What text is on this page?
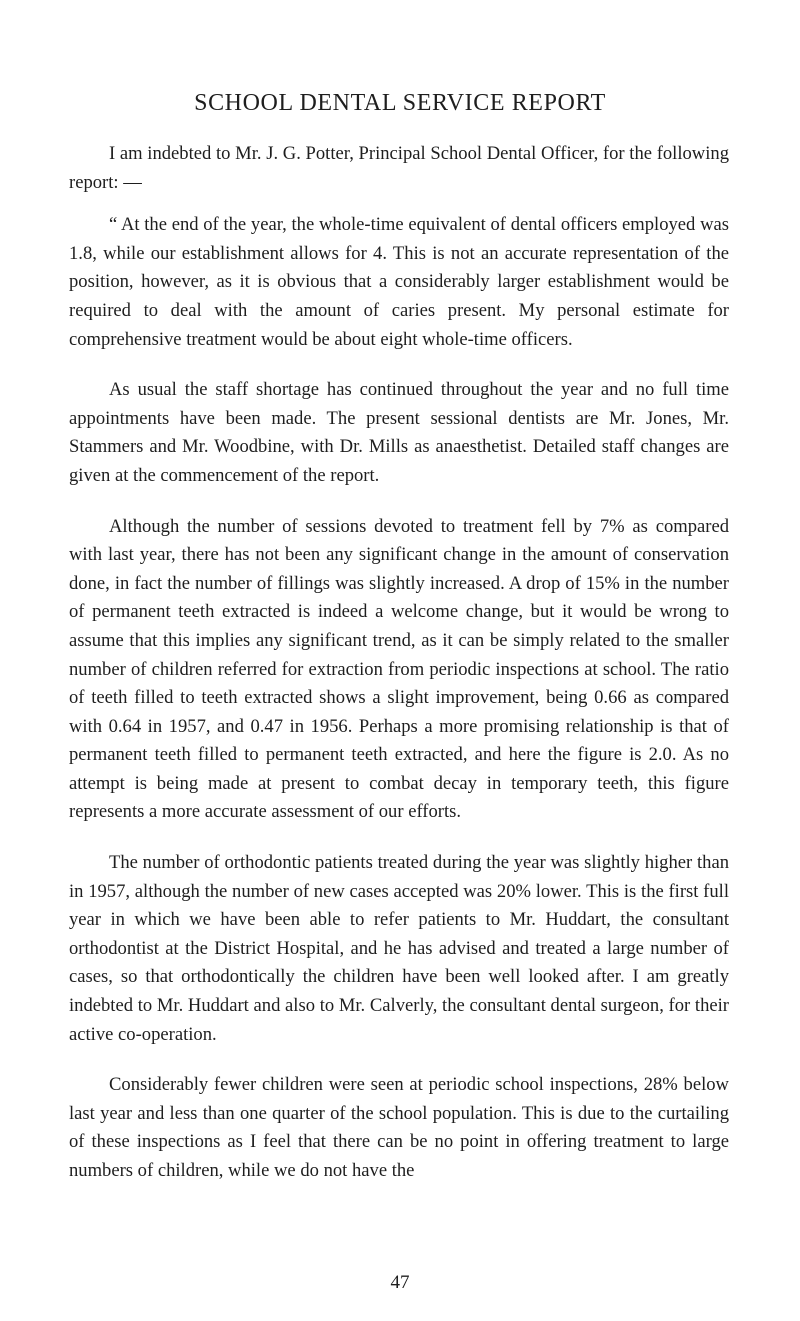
SCHOOL DENTAL SERVICE REPORT

I am indebted to Mr. J. G. Potter, Principal School Dental Officer, for the following report: —

“ At the end of the year, the whole-time equivalent of dental officers employed was 1.8, while our establishment allows for 4. This is not an accurate representation of the position, however, as it is obvious that a considerably larger establishment would be required to deal with the amount of caries present. My personal estimate for comprehensive treatment would be about eight whole-time officers.

As usual the staff shortage has continued throughout the year and no full time appointments have been made. The present sessional dentists are Mr. Jones, Mr. Stammers and Mr. Woodbine, with Dr. Mills as anaesthetist. Detailed staff changes are given at the commencement of the report.

Although the number of sessions devoted to treatment fell by 7% as compared with last year, there has not been any significant change in the amount of conservation done, in fact the number of fillings was slightly increased. A drop of 15% in the number of permanent teeth extracted is indeed a welcome change, but it would be wrong to assume that this implies any significant trend, as it can be simply related to the smaller number of children referred for extraction from periodic inspections at school. The ratio of teeth filled to teeth extracted shows a slight improvement, being 0.66 as compared with 0.64 in 1957, and 0.47 in 1956. Perhaps a more promising relationship is that of permanent teeth filled to permanent teeth extracted, and here the figure is 2.0. As no attempt is being made at present to combat decay in temporary teeth, this figure represents a more accurate assessment of our efforts.

The number of orthodontic patients treated during the year was slightly higher than in 1957, although the number of new cases accepted was 20% lower. This is the first full year in which we have been able to refer patients to Mr. Huddart, the consultant orthodontist at the District Hospital, and he has advised and treated a large number of cases, so that orthodontically the children have been well looked after. I am greatly indebted to Mr. Huddart and also to Mr. Calverly, the consultant dental surgeon, for their active co-operation.

Considerably fewer children were seen at periodic school inspections, 28% below last year and less than one quarter of the school population. This is due to the curtailing of these inspections as I feel that there can be no point in offering treatment to large numbers of children, while we do not have the

47
